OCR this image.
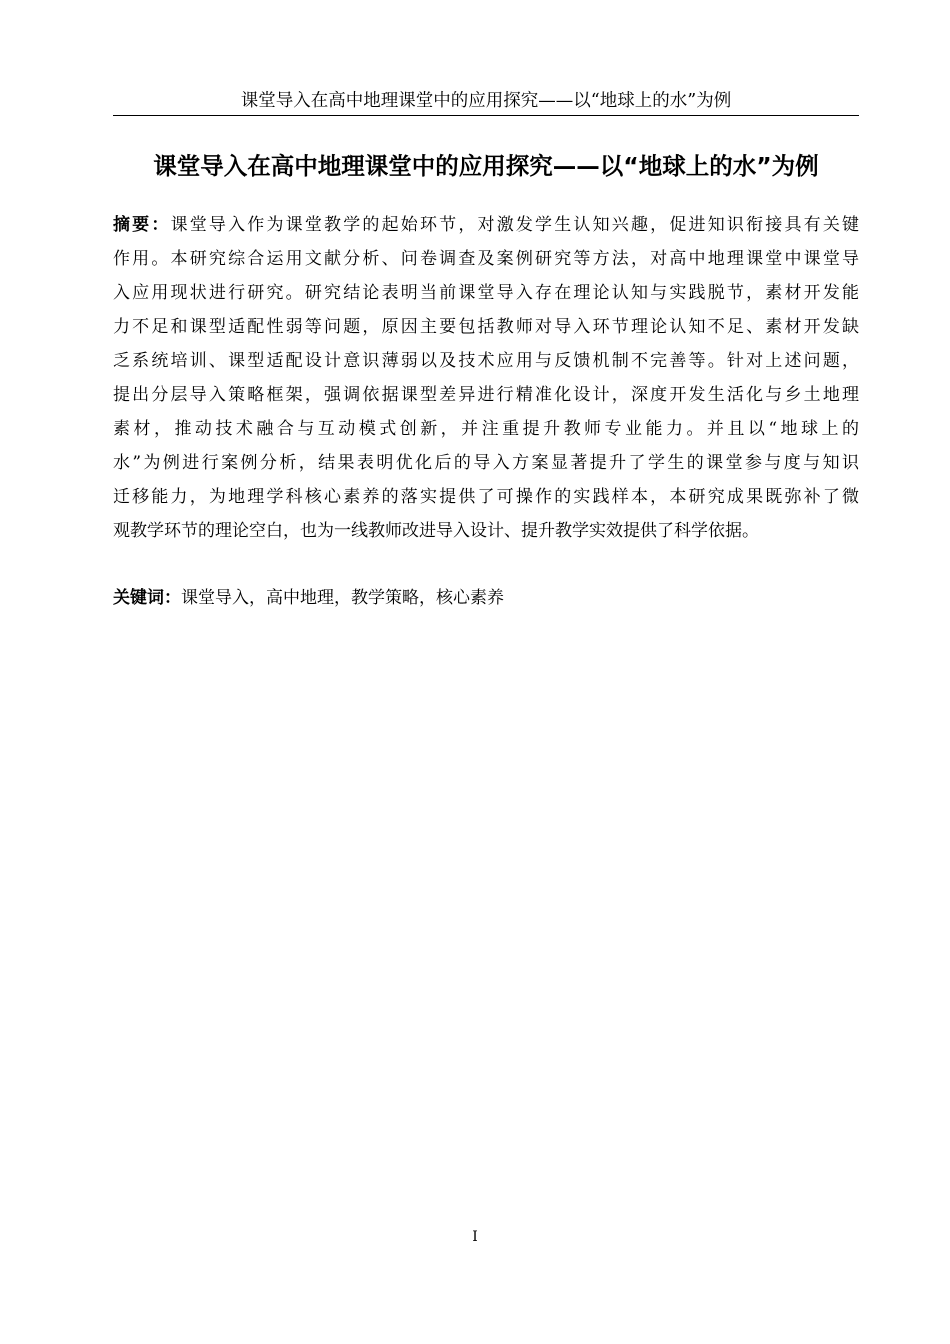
课堂导入在高中地理课堂中的应用探究——以“地球上的水”为例
课堂导入在高中地理课堂中的应用探究——以“地球上的水”为例
摘要：课堂导入作为课堂教学的起始环节，对激发学生认知兴趣，促进知识衔接具有关键
作用。本研究综合运用文献分析、问卷调查及案例研究等方法，对高中地理课堂中课堂导
入应用现状进行研究。研究结论表明当前课堂导入存在理论认知与实践脱节，素材开发能
力不足和课型适配性弱等问题，原因主要包括教师对导入环节理论认知不足、素材开发缺
乏系统培训、课型适配设计意识薄弱以及技术应用与反馈机制不完善等。针对上述问题，
提出分层导入策略框架，强调依据课型差异进行精准化设计，深度开发生活化与乡土地理
素材，推动技术融合与互动模式创新，并注重提升教师专业能力。并且以“地球上的
水”为例进行案例分析，结果表明优化后的导入方案显著提升了学生的课堂参与度与知识
迁移能力，为地理学科核心素养的落实提供了可操作的实践样本，本研究成果既弥补了微
观教学环节的理论空白，也为一线教师改进导入设计、提升教学实效提供了科学依据。
关键词：课堂导入，高中地理，教学策略，核心素养
I
